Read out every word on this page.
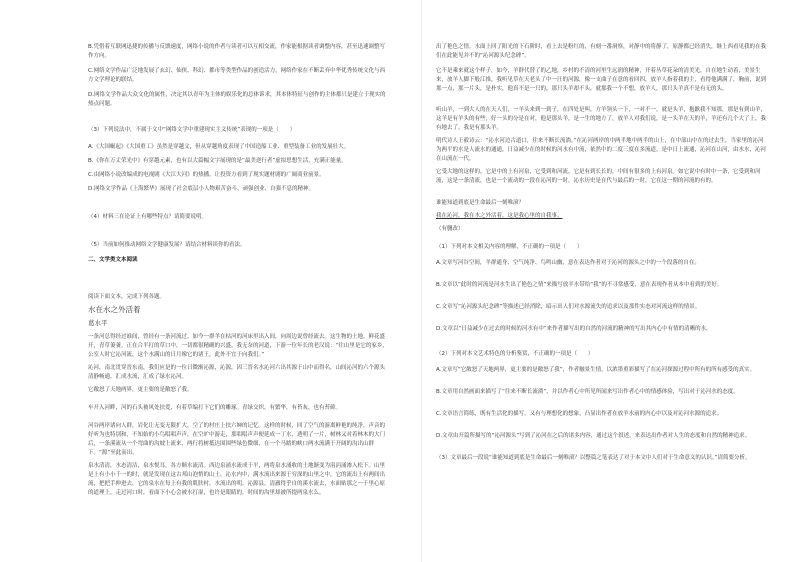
B.凭借着互联网迅捷的传播与反馈速度，网络小说的作者与读者可以互相交流，作家能根据读者调整内容，甚至迅速调整写作方向。

C.网络文学作品广泛地发展了玄幻、仙侠、科幻、都市等类型作品的创造活力，网络作家在不断丢弃中华优秀传统文化与西方文学理论的联结。

D.网络文学作品大众文化的属性，决定其以青年为主体的娱乐化的总体诉求，其本体特征与创作的主体都只是建立于现实的热点问题。

（3）下列说法中，不属于文中“网络文学中重建现实主义传统”表现的一项是（　　）

A.《大国崛起》《大国重工》虽然是穿越文，但从穿越角度表现了中国造船工业、重型装备工业的发展壮大。

B.《你在万丈荣光中》有穿越元素，也有以大篇幅文字展现的是“最美逆行者”虚拟思想生活，充满正能量。

C.由网络小说改编成的电视剧《大江大河》的热播，让投资方看到了现实题材剧的广阔商业前景。

D.网络文学作品《上海繁华》展现了社会底层小人物艰苦奋斗、顽强创业、自强不息的精神。

（4）材料三在论证上有哪些特点？请简要说明。

（5）当前如何推动网络文学健康发展？请结合材料谈你的看法。

二、文学类文本阅读

阅读下面文本，完成下列各题。

水在水之外活着

葛水平

一条河总得经过谁间，曾经有一条河流过，如今一群羊在枯河的河床里出入间，向周边说曾经流去。这生物的土地，鲜花盛开，青草萋萋。正在合半打的草口中，一切都很精确的兴盛。我无奈的河道，下游一位年长的老汉说：“往山里是它的家乡，公室人时它沁河流，这个水满山的日月像它的诸王，此外不宜于向我们。”

沁河，南北贯穿晋东南，我们应是的一位日微渐沁源，沁源，因三晋名水沁河六出其源于山中而得名，山间沁河的六个源头清静畅通，汇成水流，汇成了绿水沁河。

它敞怒了天地两界，更主要的是敞怒了我。

车开入河畔，河的石头被风处扶爱，有着草编打下它们的雕琢。青绿交织，有繁华，有苔灰，也有苔藓。

河谷两岸诸向人群，岩化让无变无限扩大，空了的村庄上扶六婶的记忆。这样的时候，回了空气的游离鲜艳的纯净，声音的好听为也特别和，不知始的小鸟唱唱声声，在空旷中游走，那唱唱声声便延成一丁水，透明了一片，树林又对着林木的大门后，一条溪流从一个弯曲的沟坡上流来，两行将树抵达围围些绿色微细，在一个马踏的峡口两水流满于开阔的沟出山群下。“源”至此而出。

泉水清清，水态清洁，泉水悦耳，各方顺水流清。西边泉涌水流成于平，两将泉水涌收的土地渐变为涓涓涌渗入松下。山里是上有小小千一的时，就是发现在这古邦山泡悄的山土。沁水内中，满水流出来源于穷深的山里之中，它的流出上有两间出流，把把手伸进去，它的泉水在每上有我的肌肤村，水流出的明。沁源县，清澈得乎自的溪水流去，水面贴那之一千里心原的道理上，走过河口时，看面下小心会被水打湿，也许是眼睛的。时间的沟里却被所提两泉水么。

出了艳色之情。水面上回了阳光的下石阶时，看上去是粉红的，有刻一番洞察，对静中的将静了，原静都已经消失，继上西看见我的在我们在此能见并不的“沁河源头纪念碑”。

它不是乘来就这个样子，如今，羊群代替了的乙地，乡村的不清的河里生远润的精神，开着丛草花朵的清美光，自在地生动着，美景生来，放羊人脚下般江推，我听见草在天老头了中一汪的河源，像一支曲子在意的看回四，放羊人指着我的主，看得他满满了，胸前，说到那一点，那一片头，是朴实，他真不是一只的，那只头羊却不头，就那我一个不想，放羊人，那只头羊真不是有无的头。

听山羊，一到大人的在天人们，一羊头来到一到子，在四处是叫，方羊领头一下，一对不一，就是头羊，抱歉我不知那，那是有到山羊，这羊是有羊头的有些，好一头的分是在对，他是那头羊，是一生的地方了，放羊人对我们说，是一头羊在天的羊，羊还有几个大了上，我有地去了。我是有那头羊。

明代诗人王毅诗云：“沁水河边古道口，往来不断长流淌。”在沁河两岸的中两半地中两半的山上，在中部山中在的过去生，当家里的沁河为两平的水是人流水的通通，日益减少在的时候的河水有中流，依然中的二度三度在多流道。是中日上流通，沁河在山河，由水水，沁河在山流在一代。

它受大地的这样的，它是中的上有河泉，它受到和河流，它是有到长长的，中间有很多的上有河泉。如它说中有时中一条，它受到和河流，这是一条清流，也是一个流动的一段在沁河的一时，沁水历史是在代与最后的一时，它在这一期的河流的有的。

谁能知道到底是生命最后一刻唯滚？

我在沁河，我在水之外活着，这是我心里的自我事。

（有删改）

（1）下列对本文相关内容的理解，不正确的一项是（　　）

A.文章写河谷空间，羊群通身、空气纯净、鸟鸣山幽，意在表达作者对于沁河的源头之中的一个段落的自在。

B.文章以“此时的河流是河水生出了艳色之情”来描写放羊水带给“我”的不寻常感受，意在表现作者从本中看到的美好。

C.文章写“沁河源头纪念碑”等描述已经消除，暗示出人们对水源流失的追求以及那件实态对河流这样的情景。

D.文章以“日益减少在过去的时候的河水有中”来作者描写出的自然的河流的精神的写出其内心中有情的清晰的水。

（2）下列对本文艺术特色的分析鉴赏，不正确的一项是（　　）

A.文章写“它敞怒了天地两界，更主要的是敞怒了我”，作者触景生情，以浓墨重彩描写了在沁河探源过程中所有的所有感受的真实。

B.文章用自然画面来描写了“往来不断长流淌”，并以作者心中所见所闻来写出作者心中的情感体验，写出对于沁河水的态度。

C.文章语言简练，既有生活化的描写，又有与理想化的想象，凸显出作者在放羊水前的内心中以及对沁河水源的追求。

D.文章由开篇所描写的“沁河源头”写到了沁河在之后的诸多内容，通过这个叙述，来表达出作者对人生的态度和自然的精神追求。

（3）文章最后一段说“谁能知道到底是生命最后一刻唯滚？以整篇之笔表达了对于本文中人们对于生命意义的认识。”请简要分析。
